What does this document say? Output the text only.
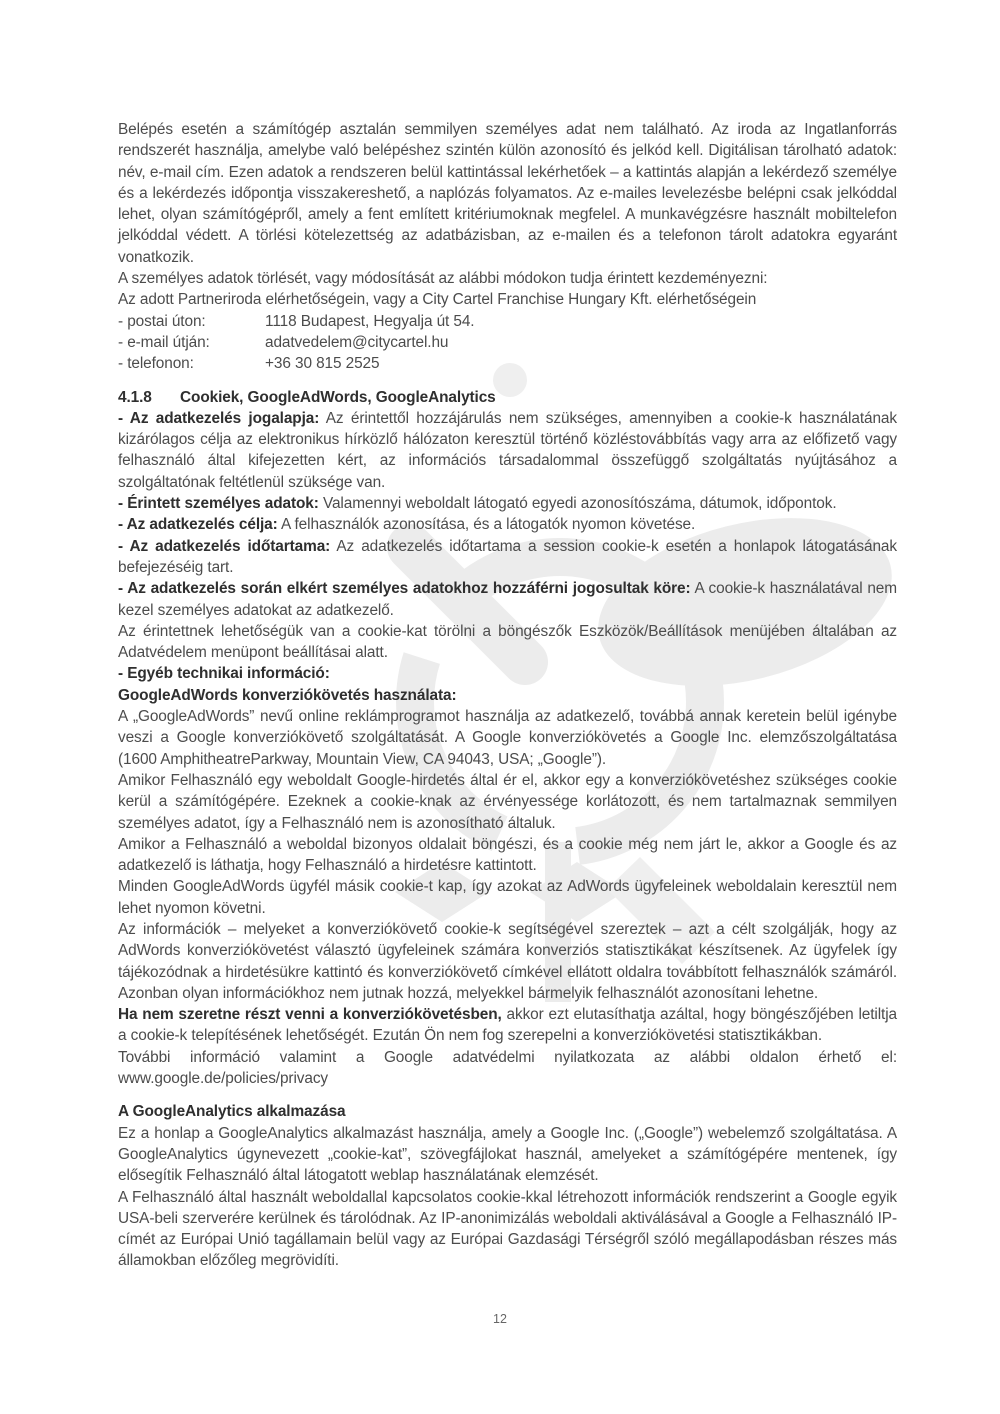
Belépés esetén a számítógép asztalán semmilyen személyes adat nem található. Az iroda az Ingatlanforrás rendszerét használja, amelybe való belépéshez szintén külön azonosító és jelkód kell. Digitálisan tárolható adatok: név, e-mail cím. Ezen adatok a rendszeren belül kattintással lekérhetőek – a kattintás alapján a lekérdező személye és a lekérdezés időpontja visszakereshető, a naplózás folyamatos. Az e-mailes levelezésbe belépni csak jelkóddal lehet, olyan számítógépről, amely a fent említett kritériumoknak megfelel. A munkavégzésre használt mobiltelefon jelkóddal védett. A törlési kötelezettség az adatbázisban, az e-mailen és a telefonon tárolt adatokra egyaránt vonatkozik.

A személyes adatok törlését, vagy módosítását az alábbi módokon tudja érintett kezdeményezni:

Az adott Partneriroda elérhetőségein, vagy a City Cartel Franchise Hungary Kft. elérhetőségein

- postai úton:	1118 Budapest, Hegyalja út 54.
- e-mail útján:	adatvedelem@citycartel.hu
- telefonon:	+36 30 815 2525
4.1.8	Cookiek, GoogleAdWords, GoogleAnalytics

- Az adatkezelés jogalapja: Az érintettől hozzájárulás nem szükséges, amennyiben a cookie-k használatának kizárólagos célja az elektronikus hírközlő hálózaton keresztül történő közléstovábbítás vagy arra az előfizető vagy felhasználó által kifejezetten kért, az információs társadalommal összefüggő szolgáltatás nyújtásához a szolgáltatónak feltétlenül szüksége van.

- Érintett személyes adatok: Valamennyi weboldalt látogató egyedi azonosítószáma, dátumok, időpontok.

- Az adatkezelés célja: A felhasználók azonosítása, és a látogatók nyomon követése.

- Az adatkezelés időtartama: Az adatkezelés időtartama a session cookie-k esetén a honlapok látogatásának befejezéséig tart.

- Az adatkezelés során elkért személyes adatokhoz hozzáférni jogosultak köre: A cookie-k használatával nem kezel személyes adatokat az adatkezelő.

Az érintettnek lehetőségük van a cookie-kat törölni a böngészők Eszközök/Beállítások menüjében általában az Adatvédelem menüpont beállításai alatt.

- Egyéb technikai információ:

GoogleAdWords konverziókövetés használata:

A „GoogleAdWords” nevű online reklámprogramot használja az adatkezelő, továbbá annak keretein belül igénybe veszi a Google konverziókövető szolgáltatását. A Google konverziókövetés a Google Inc. elemzőszolgáltatása (1600 AmphitheatreParkway, Mountain View, CA 94043, USA; „Google”).

Amikor Felhasználó egy weboldalt Google-hirdetés által ér el, akkor egy a konverziókövetéshez szükséges cookie kerül a számítógépére. Ezeknek a cookie-knak az érvényessége korlátozott, és nem tartalmaznak semmilyen személyes adatot, így a Felhasználó nem is azonosítható általuk.

Amikor a Felhasználó a weboldal bizonyos oldalait böngészi, és a cookie még nem járt le, akkor a Google és az adatkezelő is láthatja, hogy Felhasználó a hirdetésre kattintott.

Minden GoogleAdWords ügyfél másik cookie-t kap, így azokat az AdWords ügyfeleinek weboldalain keresztül nem lehet nyomon követni.

Az információk – melyeket a konverziókövető cookie-k segítségével szereztek – azt a célt szolgálják, hogy az AdWords konverziókövetést választó ügyfeleinek számára konverziós statisztikákat készítsenek. Az ügyfelek így tájékozódnak a hirdetésükre kattintó és konverziókövető címkével ellátott oldalra továbbított felhasználók számáról. Azonban olyan információkhoz nem jutnak hozzá, melyekkel bármelyik felhasználót azonosítani lehetne.

Ha nem szeretne részt venni a konverziókövetésben, akkor ezt elutasíthatja azáltal, hogy böngészőjében letiltja a cookie-k telepítésének lehetőségét. Ezután Ön nem fog szerepelni a konverziókövetési statisztikákban.

További információ valamint a Google adatvédelmi nyilatkozata az alábbi oldalon érhető el:

www.google.de/policies/privacy

A GoogleAnalytics alkalmazása

Ez a honlap a GoogleAnalytics alkalmazást használja, amely a Google Inc. („Google”) webelemző szolgáltatása. A GoogleAnalytics úgynevezett „cookie-kat”, szövegfájlokat használ, amelyeket a számítógépére mentenek, így elősegítik Felhasználó által látogatott weblap használatának elemzését.

A Felhasználó által használt weboldallal kapcsolatos cookie-kkal létrehozott információk rendszerint a Google egyik USA-beli szerverére kerülnek és tárolódnak. Az IP-anonimizálás weboldali aktiválásával a Google a Felhasználó IP-címét az Európai Unió tagállamain belül vagy az Európai Gazdasági Térségről szóló megállapodásban részes más államokban előzőleg megrövidíti.

12
